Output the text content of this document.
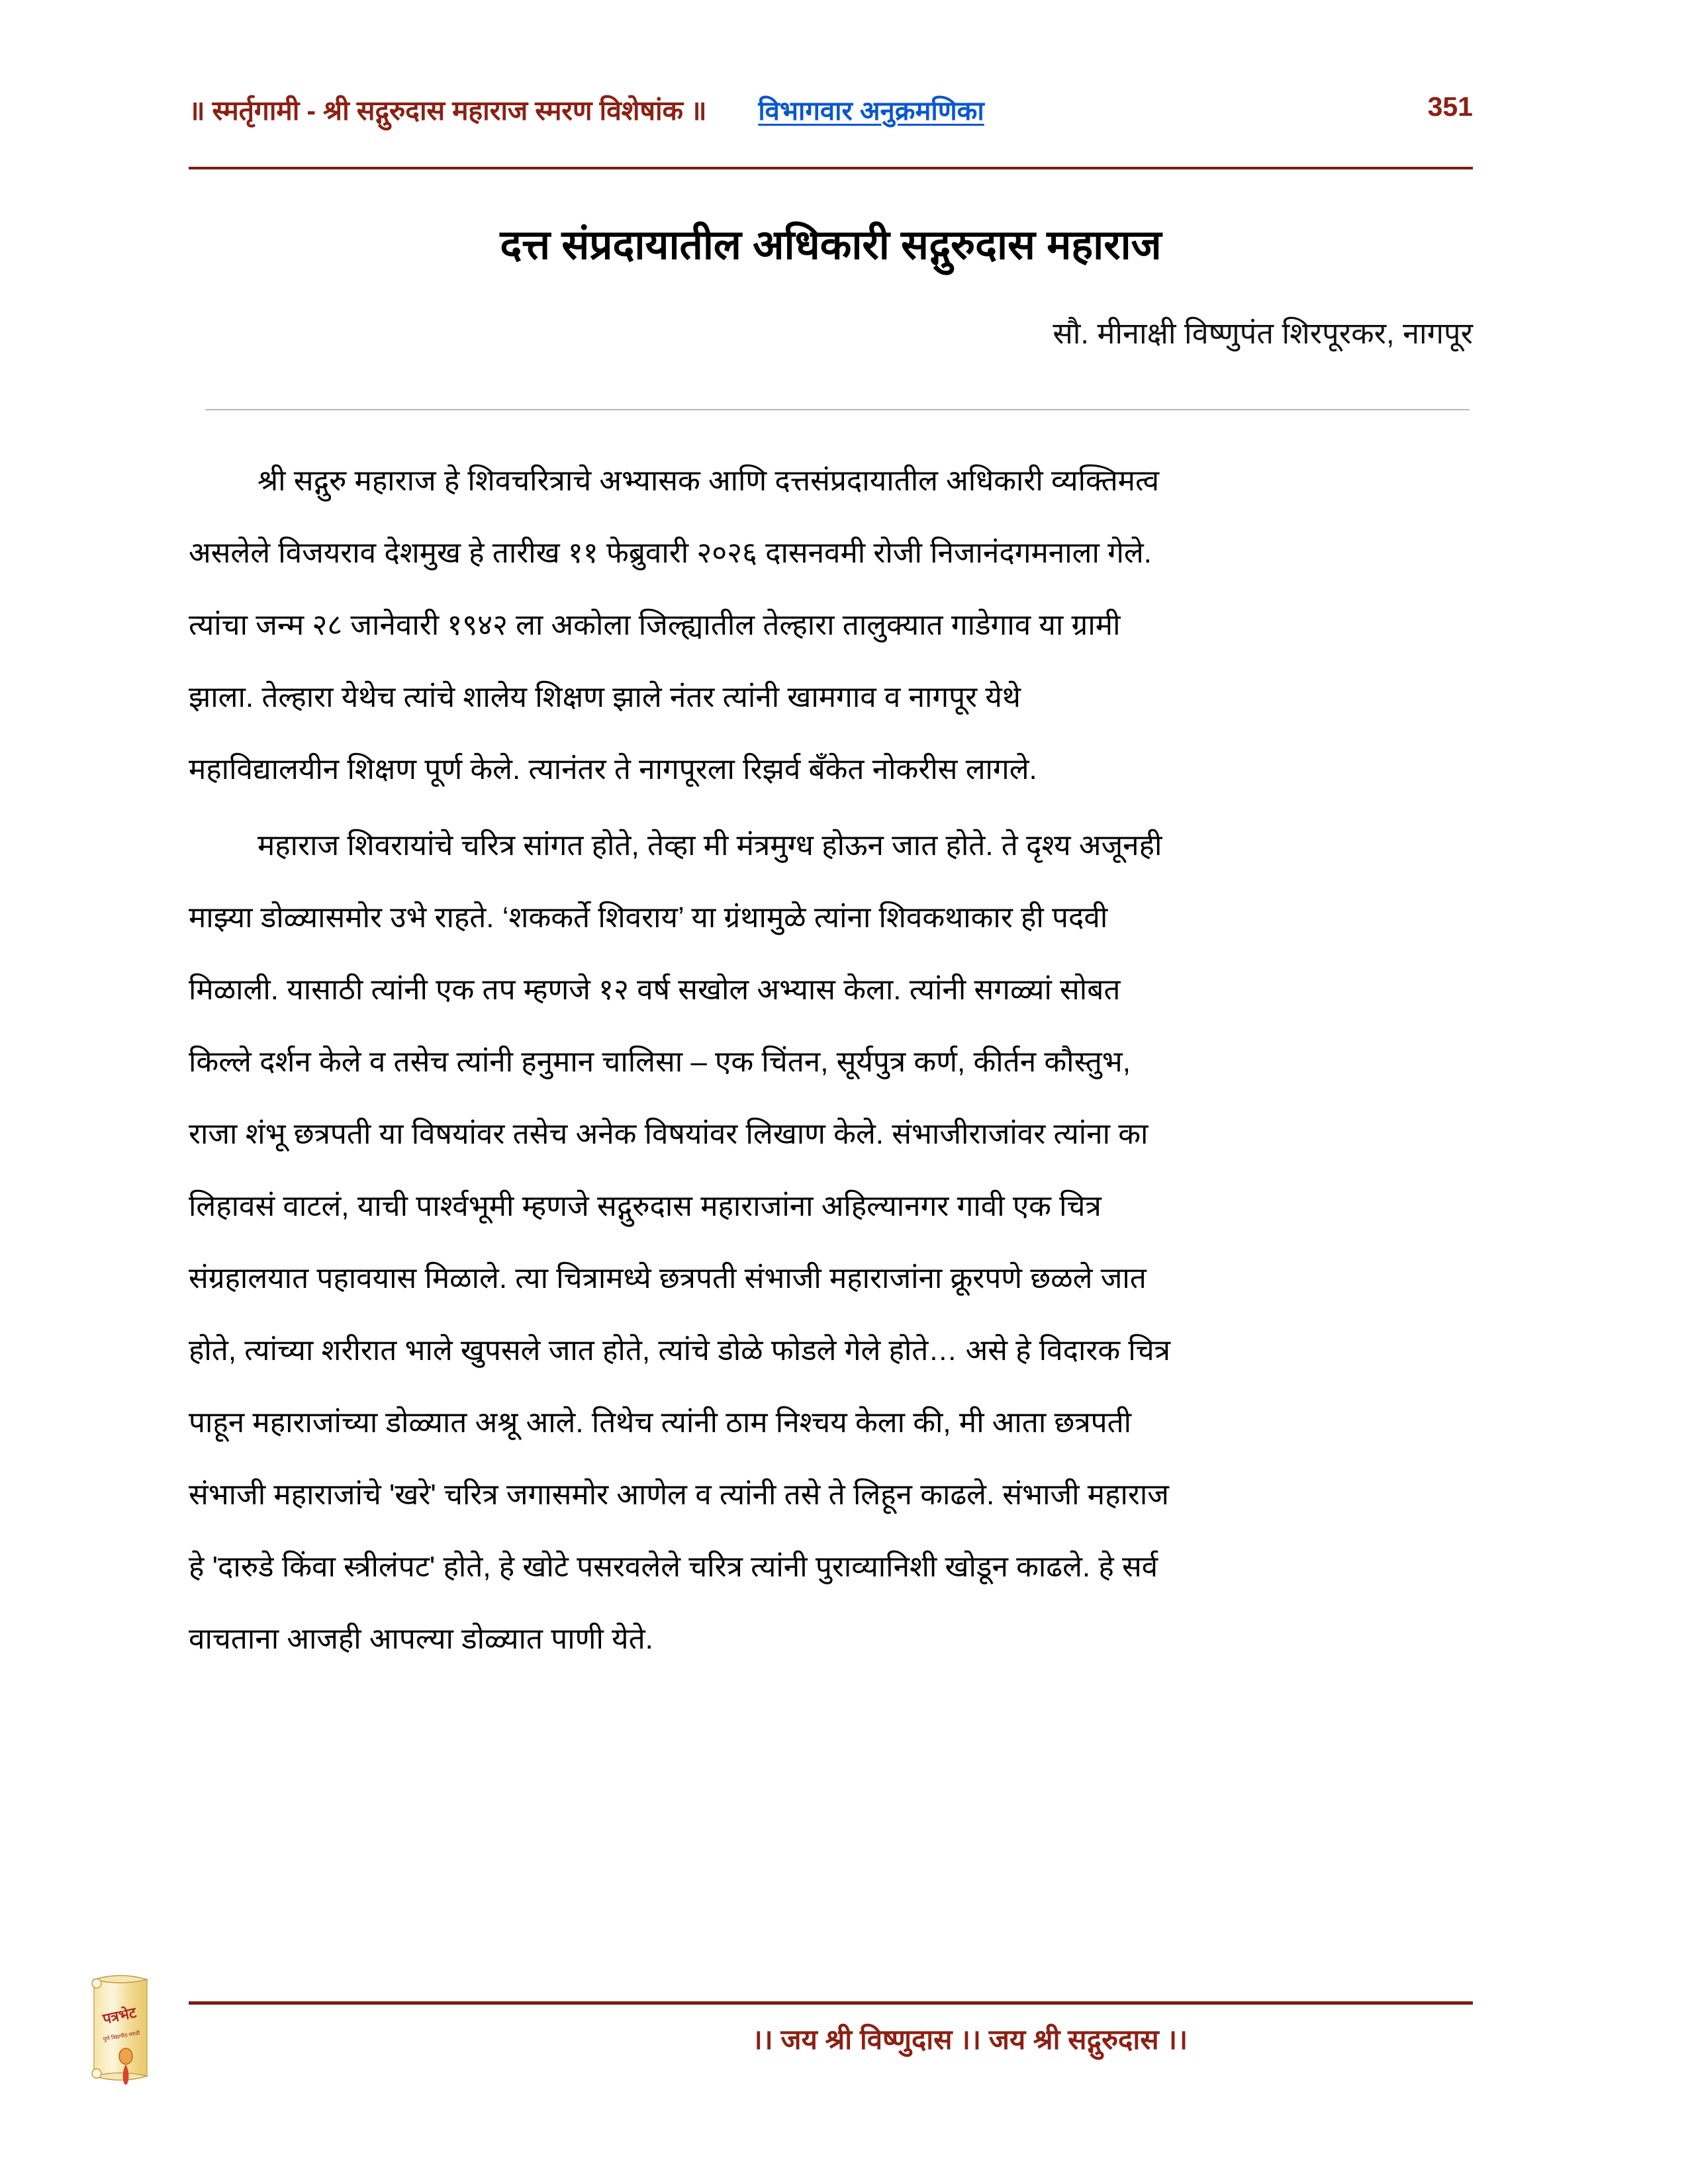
॥ स्मर्तृगामी - श्री सद्गुरुदास महाराज स्मरण विशेषांक ॥ विभागवार अनुक्रमणिका	351
दत्त संप्रदायातील अधिकारी सद्गुरुदास महाराज
सौ. मीनाक्षी विष्णुपंत शिरपूरकर, नागपूर

श्री सद्गुरु महाराज हे शिवचरित्राचे अभ्यासक आणि दत्तसंप्रदायातील अधिकारी व्यक्तिमत्व
असलेले विजयराव देशमुख हे तारीख ११ फेब्रुवारी २०२६ दासनवमी रोजी निजानंदगमनाला गेले.
त्यांचा जन्म २८ जानेवारी १९४२ ला अकोला जिल्ह्यातील तेल्हारा तालुक्यात गाडेगाव या ग्रामी
झाला. तेल्हारा येथेच त्यांचे शालेय शिक्षण झाले नंतर त्यांनी खामगाव व नागपूर येथे
महाविद्यालयीन शिक्षण पूर्ण केले. त्यानंतर ते नागपूरला रिझर्व बँकेत नोकरीस लागले.

महाराज शिवरायांचे चरित्र सांगत होते, तेव्हा मी मंत्रमुग्ध होऊन जात होते. ते दृश्य अजूनही
माझ्या डोळ्यासमोर उभे राहते. ‘शककर्ते शिवराय’ या ग्रंथामुळे त्यांना शिवकथाकार ही पदवी
मिळाली. यासाठी त्यांनी एक तप म्हणजे १२ वर्ष सखोल अभ्यास केला. त्यांनी सगळ्यां सोबत
किल्ले दर्शन केले व तसेच त्यांनी हनुमान चालिसा – एक चिंतन, सूर्यपुत्र कर्ण, कीर्तन कौस्तुभ,
राजा शंभू छत्रपती या विषयांवर तसेच अनेक विषयांवर लिखाण केले. संभाजीराजांवर त्यांना का
लिहावसं वाटलं, याची पार्श्वभूमी म्हणजे सद्गुरुदास महाराजांना अहिल्यानगर गावी एक चित्र
संग्रहालयात पहावयास मिळाले. त्या चित्रामध्ये छत्रपती संभाजी महाराजांना क्रूरपणे छळले जात
होते, त्यांच्या शरीरात भाले खुपसले जात होते, त्यांचे डोळे फोडले गेले होते… असे हे विदारक चित्र
पाहून महाराजांच्या डोळ्यात अश्रू आले. तिथेच त्यांनी ठाम निश्चय केला की, मी आता छत्रपती
संभाजी महाराजांचे 'खरे' चरित्र जगासमोर आणेल व त्यांनी तसे ते लिहून काढले. संभाजी महाराज
हे 'दारुडे किंवा स्त्रीलंपट' होते, हे खोटे पसरवलेले चरित्र त्यांनी पुराव्यानिशी खोडून काढले. हे सर्व
वाचताना आजही आपल्या डोळ्यात पाणी येते.

पत्रभेट
पुणे विद्यापीठ मराठी	।। जय श्री विष्णुदास ।। जय श्री सद्गुरुदास ।।
